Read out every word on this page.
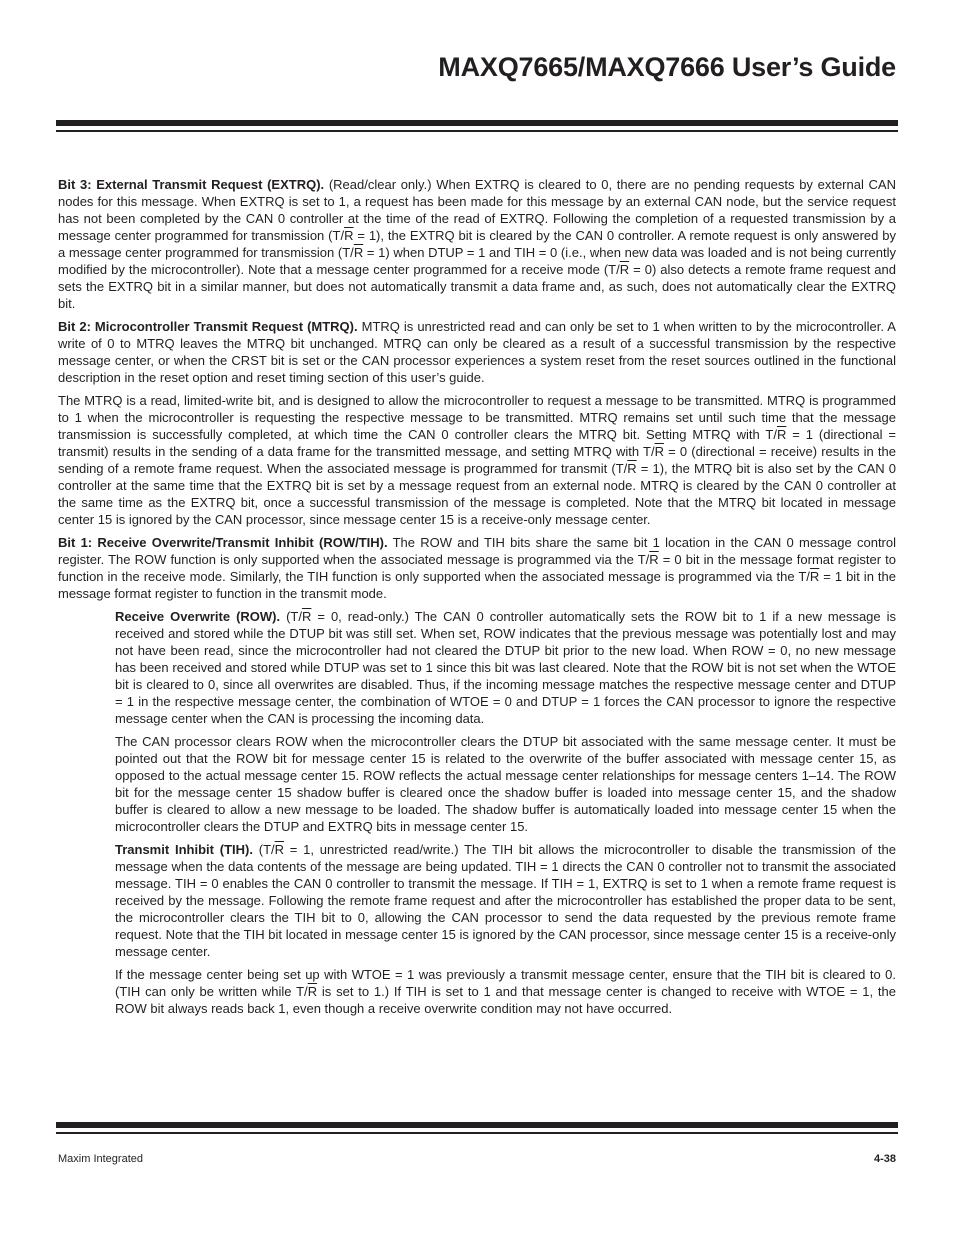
MAXQ7665/MAXQ7666 User’s Guide

Bit 3: External Transmit Request (EXTRQ). (Read/clear only.) When EXTRQ is cleared to 0, there are no pending requests by external CAN nodes for this message. When EXTRQ is set to 1, a request has been made for this message by an external CAN node, but the service request has not been completed by the CAN 0 controller at the time of the read of EXTRQ. Following the completion of a requested transmission by a message center programmed for transmission $(T/\overline{R} = 1)$, the EXTRQ bit is cleared by the CAN 0 controller. A remote request is only answered by a message center programmed for transmission $(T/\overline{R} = 1)$ when DTUP = 1 and TIH = 0 (i.e., when new data was loaded and is not being currently modified by the microcontroller). Note that a message center programmed for a receive mode $(T/\overline{R} = 0)$ also detects a remote frame request and sets the EXTRQ bit in a similar manner, but does not automatically transmit a data frame and, as such, does not automatically clear the EXTRQ bit.

Bit 2: Microcontroller Transmit Request (MTRQ). MTRQ is unrestricted read and can only be set to 1 when written to by the microcontroller. A write of 0 to MTRQ leaves the MTRQ bit unchanged. MTRQ can only be cleared as a result of a successful transmission by the respective message center, or when the CRST bit is set or the CAN processor experiences a system reset from the reset sources outlined in the functional description in the reset option and reset timing section of this user’s guide.

The MTRQ is a read, limited-write bit, and is designed to allow the microcontroller to request a message to be transmitted. MTRQ is programmed to 1 when the microcontroller is requesting the respective message to be transmitted. MTRQ remains set until such time that the message transmission is successfully completed, at which time the CAN 0 controller clears the MTRQ bit. Setting MTRQ with $T/\overline{R} = 1$ (directional = transmit) results in the sending of a data frame for the transmitted message, and setting MTRQ with $T/\overline{R} = 0$ (directional = receive) results in the sending of a remote frame request. When the associated message is programmed for transmit $(T/\overline{R} = 1)$, the MTRQ bit is also set by the CAN 0 controller at the same time that the EXTRQ bit is set by a message request from an external node. MTRQ is cleared by the CAN 0 controller at the same time as the EXTRQ bit, once a successful transmission of the message is completed. Note that the MTRQ bit located in message center 15 is ignored by the CAN processor, since message center 15 is a receive-only message center.

Bit 1: Receive Overwrite/Transmit Inhibit (ROW/TIH). The ROW and TIH bits share the same bit 1 location in the CAN 0 message control register. The ROW function is only supported when the associated message is programmed via the $T/\overline{R} = 0$ bit in the message format register to function in the receive mode. Similarly, the TIH function is only supported when the associated message is programmed via the $T/\overline{R} = 1$ bit in the message format register to function in the transmit mode.

Receive Overwrite (ROW). ($T/\overline{R} = 0$, read-only.) The CAN 0 controller automatically sets the ROW bit to 1 if a new message is received and stored while the DTUP bit was still set. When set, ROW indicates that the previous message was potentially lost and may not have been read, since the microcontroller had not cleared the DTUP bit prior to the new load. When ROW = 0, no new message has been received and stored while DTUP was set to 1 since this bit was last cleared. Note that the ROW bit is not set when the WTOE bit is cleared to 0, since all overwrites are disabled. Thus, if the incoming message matches the respective message center and DTUP = 1 in the respective message center, the combination of WTOE = 0 and DTUP = 1 forces the CAN processor to ignore the respective message center when the CAN is processing the incoming data.

The CAN processor clears ROW when the microcontroller clears the DTUP bit associated with the same message center. It must be pointed out that the ROW bit for message center 15 is related to the overwrite of the buffer associated with message center 15, as opposed to the actual message center 15. ROW reflects the actual message center relationships for message centers 1–14. The ROW bit for the message center 15 shadow buffer is cleared once the shadow buffer is loaded into message center 15, and the shadow buffer is cleared to allow a new message to be loaded. The shadow buffer is automatically loaded into message center 15 when the microcontroller clears the DTUP and EXTRQ bits in message center 15.

Transmit Inhibit (TIH). ($T/\overline{R} = 1$, unrestricted read/write.) The TIH bit allows the microcontroller to disable the transmission of the message when the data contents of the message are being updated. TIH = 1 directs the CAN 0 controller not to transmit the associated message. TIH = 0 enables the CAN 0 controller to transmit the message. If TIH = 1, EXTRQ is set to 1 when a remote frame request is received by the message. Following the remote frame request and after the microcontroller has established the proper data to be sent, the microcontroller clears the TIH bit to 0, allowing the CAN processor to send the data requested by the previous remote frame request. Note that the TIH bit located in message center 15 is ignored by the CAN processor, since message center 15 is a receive-only message center.

If the message center being set up with WTOE = 1 was previously a transmit message center, ensure that the TIH bit is cleared to 0. (TIH can only be written while $T/\overline{R}$ is set to 1.) If TIH is set to 1 and that message center is changed to receive with WTOE = 1, the ROW bit always reads back 1, even though a receive overwrite condition may not have occurred.

Maxim Integrated	4-38
